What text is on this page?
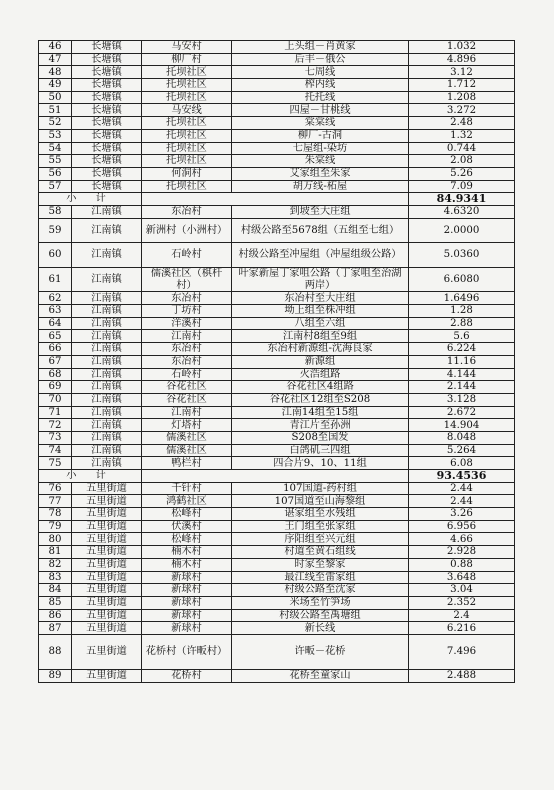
46	长塘镇	马安村	上头组－肖黄家	1.032
47	长塘镇	柳厂村	后丰－俄公	4.896
48	长塘镇	托坝社区	七周线	3.12
49	长塘镇	托坝社区	榨内线	1.712
50	长塘镇	托坝社区	托托线	1.208
51	长塘镇	马安线	四屋－甘桃线	3.272
52	长塘镇	托坝社区	棠棠线	2.48
53	长塘镇	托坝社区	柳厂-古洞	1.32
54	长塘镇	托坝社区	七屋组-染坊	0.744
55	长塘镇	托坝社区	朱棠线	2.08
56	长塘镇	何洞村	艾家组至朱家	5.26
57	长塘镇	托坝社区	胡万线-柘屋	7.09
小 计				84.9341
58	江南镇	东冶村	到坡至大庄组	4.6320
59	江南镇	新洲村（小洲村）	村级公路至5678组（五组至七组）	2.0000
60	江南镇	石岭村	村级公路至冲屋组（冲屋组级公路）	5.0360
61	江南镇	儒溪社区（棋杆村）	叶家新屋丁家咀公路（丁家咀至治湖两岸）	6.6080
62	江南镇	东冶村	东冶村至大庄组	1.6496
63	江南镇	丁坊村	坳上组至株冲组	1.28
64	江南镇	洋溪村	八组至六组	2.88
65	江南镇	江南村	江南村8组至9组	5.6
66	江南镇	东冶村	东冶村新源组-沈海良家	6.224
67	江南镇	东冶村	新源组	11.16
68	江南镇	石岭村	火浩组路	4.144
69	江南镇	谷花社区	谷花社区4组路	2.144
70	江南镇	谷花社区	谷花社区12组至S208	3.128
71	江南镇	江南村	江南14组至15组	2.672
72	江南镇	灯塔村	青江片至孙洲	14.904
73	江南镇	儒溪社区	S208至国发	8.048
74	江南镇	儒溪社区	白鸽矶三四组	5.264
75	江南镇	鸭栏村	四合片9、10、11组	6.08
小 计				93.4536
76	五里街道	千针村	107国道-药村组	2.44
77	五里街道	鸿鹤社区	107国道至山海黎组	2.44
78	五里街道	松峰村	谌家组至水残组	3.26
79	五里街道	伏溪村	王门组至张家组	6.956
80	五里街道	松峰村	序阳组至兴元组	4.66
81	五里街道	楠木村	村道至黄石组线	2.928
82	五里街道	楠木村	时家至黎家	0.88
83	五里街道	新球村	最江线至雷家组	3.648
84	五里街道	新球村	村级公路至沈家	3.04
85	五里街道	新球村	米场至竹笋场	2.352
86	五里街道	新球村	村级公路至禹塘组	2.4
87	五里街道	新球村	新长线	6.216
88	五里街道	花桥村（许畈村）	许畈－花桥	7.496
89	五里街道	花桥村	花桥至童家山	2.488
